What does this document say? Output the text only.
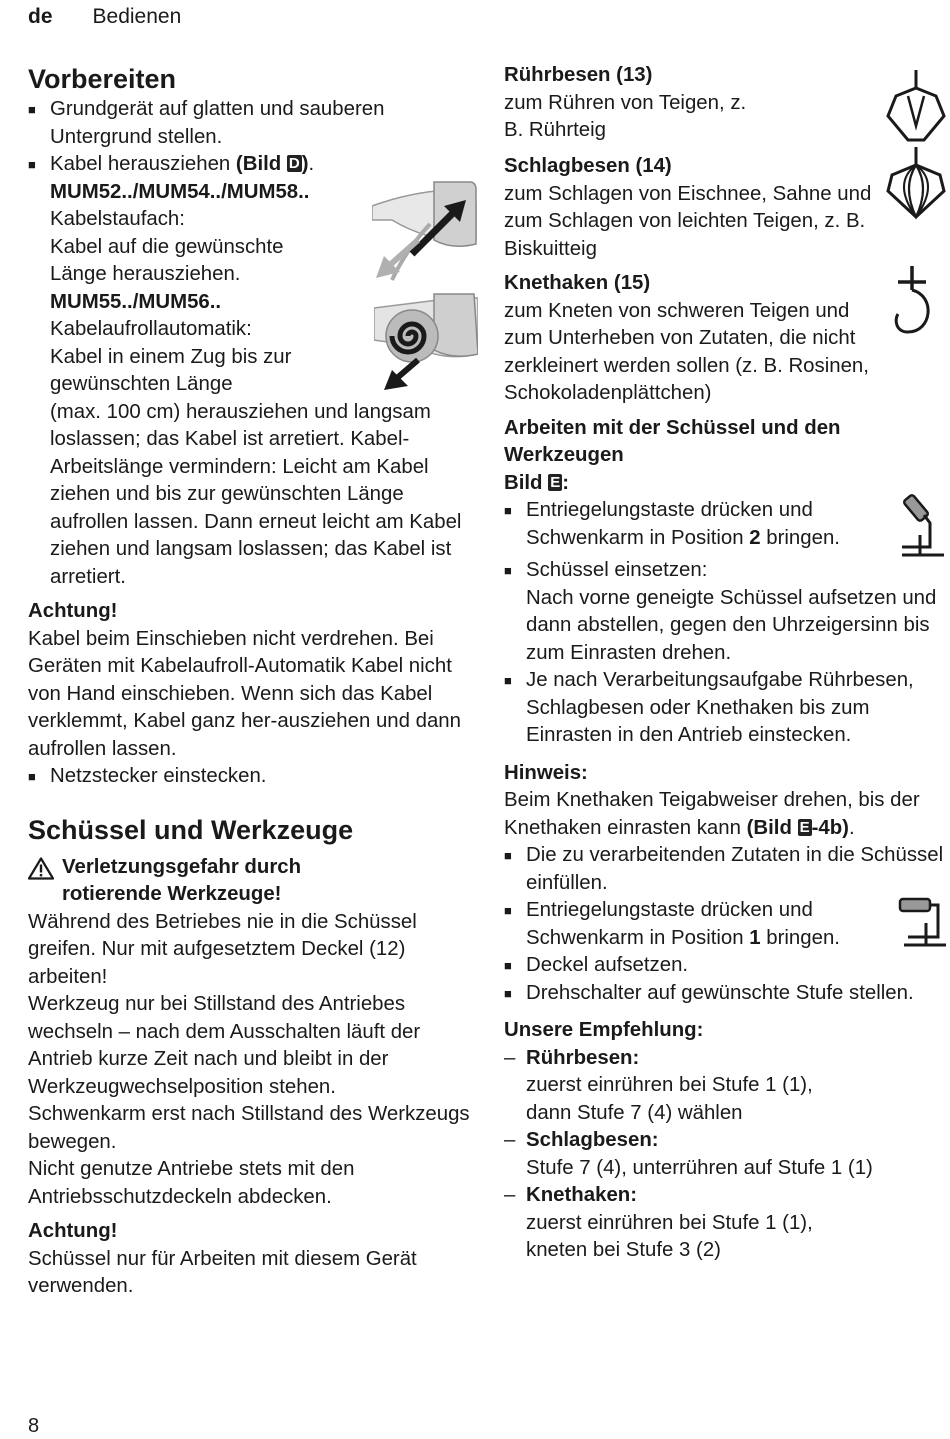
de Bedienen
Vorbereiten

■ Grundgerät auf glatten und sauberen Untergrund stellen.

■ Kabel herausziehen (Bild D).

MUM52../MUM54../MUM58..

Kabelstaufach:

Kabel auf die gewünschte

Länge herausziehen.

MUM55../MUM56..

Kabelaufrollautomatik:

Kabel in einem Zug bis zur

gewünschten Länge

(max. 100 cm) herausziehen und langsam loslassen; das Kabel ist arretiert. Kabel-Arbeitslänge vermindern: Leicht am Kabel ziehen und bis zur gewünschten Länge aufrollen lassen. Dann erneut leicht am Kabel ziehen und langsam loslassen; das Kabel ist arretiert.

Achtung!

Kabel beim Einschieben nicht verdrehen. Bei Geräten mit Kabelaufroll-Automatik Kabel nicht von Hand einschieben. Wenn sich das Kabel verklemmt, Kabel ganz her-ausziehen und dann aufrollen lassen.

■ Netzstecker einstecken.

Schüssel und Werkzeuge

Verletzungsgefahr durch

rotierende Werkzeuge!

Während des Betriebes nie in die Schüssel greifen. Nur mit aufgesetztem Deckel (12) arbeiten!

Werkzeug nur bei Stillstand des Antriebes wechseln – nach dem Ausschalten läuft der Antrieb kurze Zeit nach und bleibt in der Werkzeugwechselposition stehen.

Schwenkarm erst nach Stillstand des Werkzeugs bewegen.

Nicht genutze Antriebe stets mit den Antriebsschutzdeckeln abdecken.

Achtung!

Schüssel nur für Arbeiten mit diesem Gerät verwenden.

Rührbesen (13)

zum Rühren von Teigen, z. B. Rührteig

Schlagbesen (14)

zum Schlagen von Eischnee, Sahne und zum Schlagen von leichten Teigen, z. B. Biskuitteig

Knethaken (15)

zum Kneten von schweren Teigen und zum Unterheben von Zutaten, die nicht zerkleinert werden sollen (z. B. Rosinen, Schokoladenplättchen)

Arbeiten mit der Schüssel und den Werkzeugen

Bild E:

■ Entriegelungstaste drücken und Schwenkarm in Position 2 bringen.

■ Schüssel einsetzen:
Nach vorne geneigte Schüssel aufsetzen und dann abstellen, gegen den Uhrzeigersinn bis zum Einrasten drehen.

■ Je nach Verarbeitungsaufgabe Rührbesen, Schlagbesen oder Knethaken bis zum Einrasten in den Antrieb einstecken.

Hinweis:

Beim Knethaken Teigabweiser drehen, bis der Knethaken einrasten kann (Bild E-4b).

■ Die zu verarbeitenden Zutaten in die Schüssel einfüllen.

■ Entriegelungstaste drücken und Schwenkarm in Position 1 bringen.

■ Deckel aufsetzen.

■ Drehschalter auf gewünschte Stufe stellen.

Unsere Empfehlung:

– Rührbesen:

zuerst einrühren bei Stufe 1 (1),

dann Stufe 7 (4) wählen

– Schlagbesen:

Stufe 7 (4), unterrühren auf Stufe 1 (1)

– Knethaken:

zuerst einrühren bei Stufe 1 (1),

kneten bei Stufe 3 (2)

8
